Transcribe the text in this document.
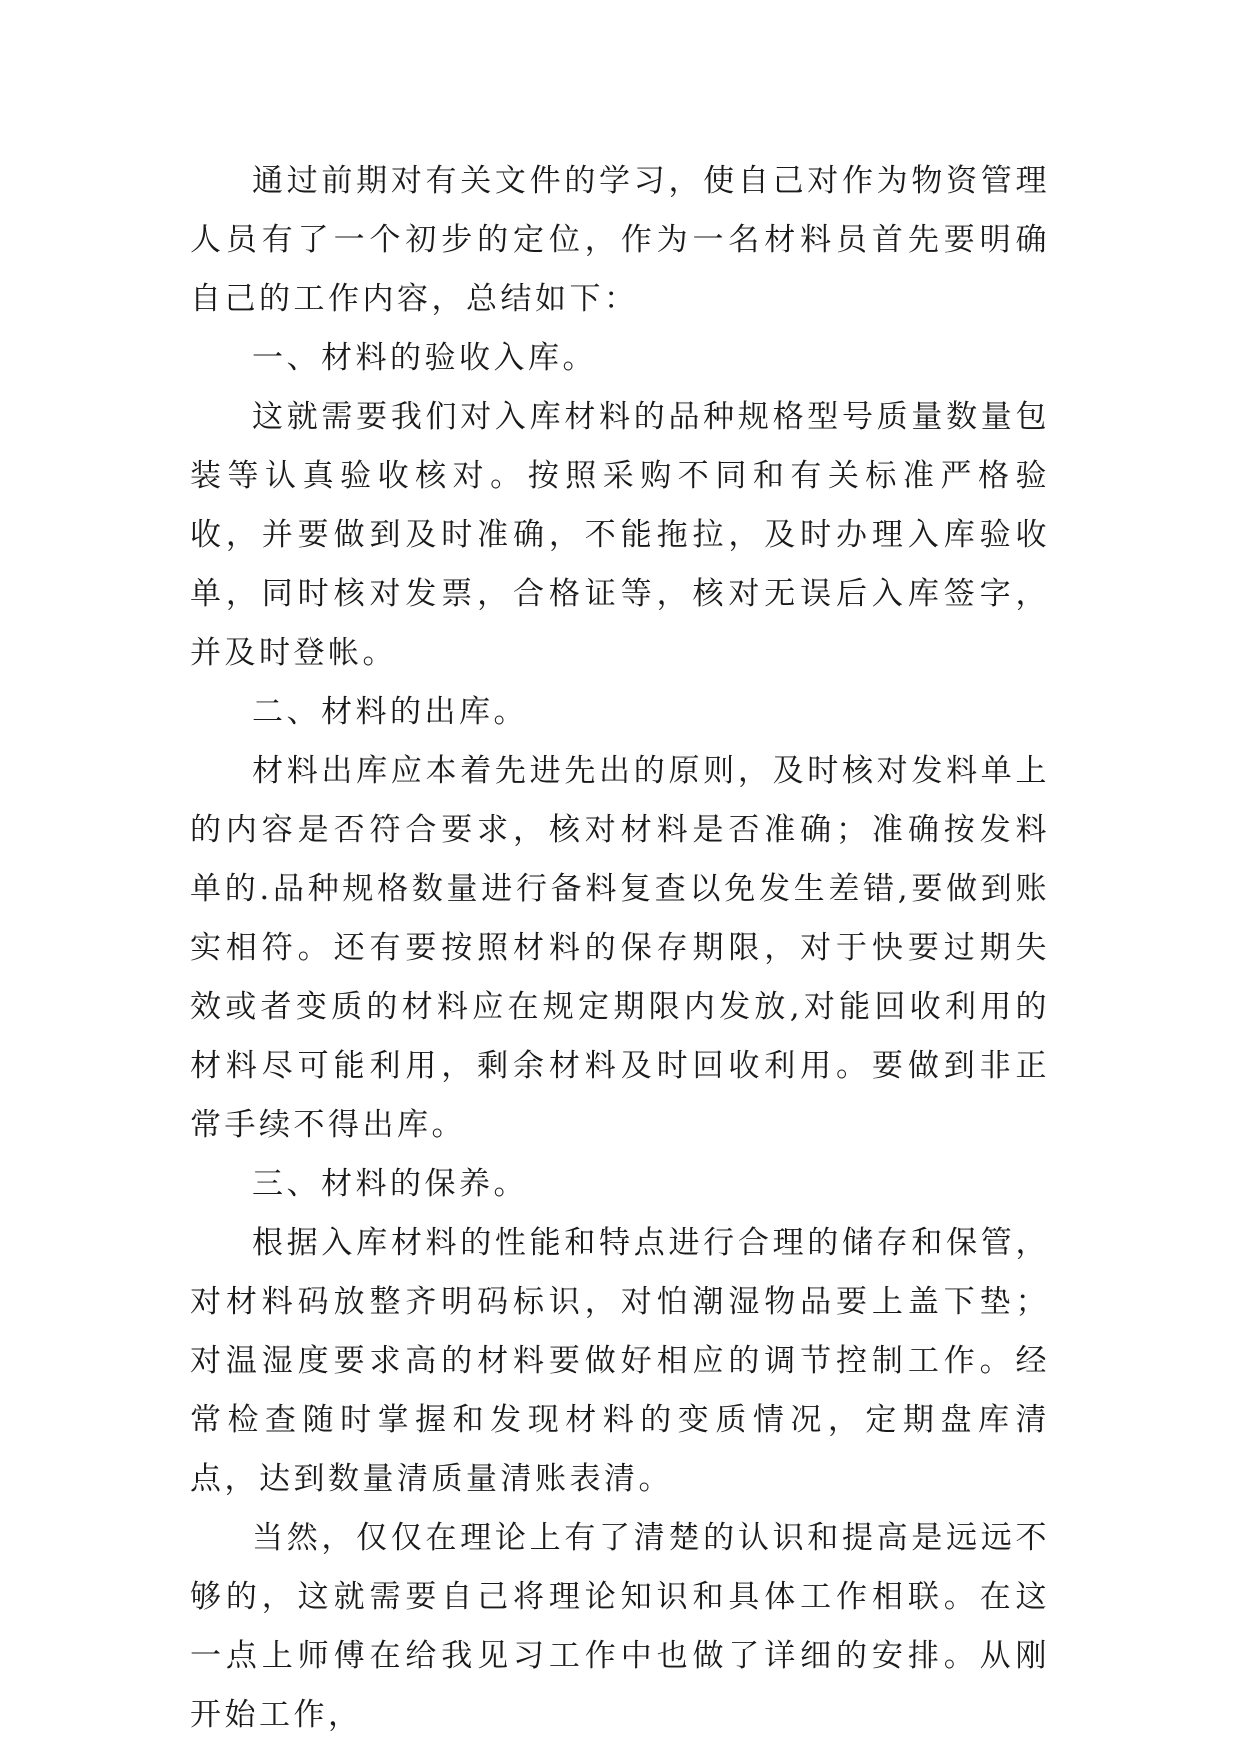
通过前期对有关文件的学习，使自己对作为物资管理人员有了一个初步的定位，作为一名材料员首先要明确自己的工作内容，总结如下：

一、材料的验收入库。

这就需要我们对入库材料的品种规格型号质量数量包装等认真验收核对。按照采购不同和有关标准严格验收，并要做到及时准确，不能拖拉，及时办理入库验收单，同时核对发票，合格证等，核对无误后入库签字，并及时登帐。

二、材料的出库。

材料出库应本着先进先出的原则，及时核对发料单上的内容是否符合要求，核对材料是否准确；准确按发料单的.品种规格数量进行备料复查以免发生差错,要做到账实相符。还有要按照材料的保存期限，对于快要过期失效或者变质的材料应在规定期限内发放,对能回收利用的材料尽可能利用，剩余材料及时回收利用。要做到非正常手续不得出库。

三、材料的保养。

根据入库材料的性能和特点进行合理的储存和保管，对材料码放整齐明码标识，对怕潮湿物品要上盖下垫；对温湿度要求高的材料要做好相应的调节控制工作。经常检查随时掌握和发现材料的变质情况，定期盘库清点，达到数量清质量清账表清。

当然，仅仅在理论上有了清楚的认识和提高是远远不够的，这就需要自己将理论知识和具体工作相联。在这一点上师傅在给我见习工作中也做了详细的安排。从刚开始工作，
